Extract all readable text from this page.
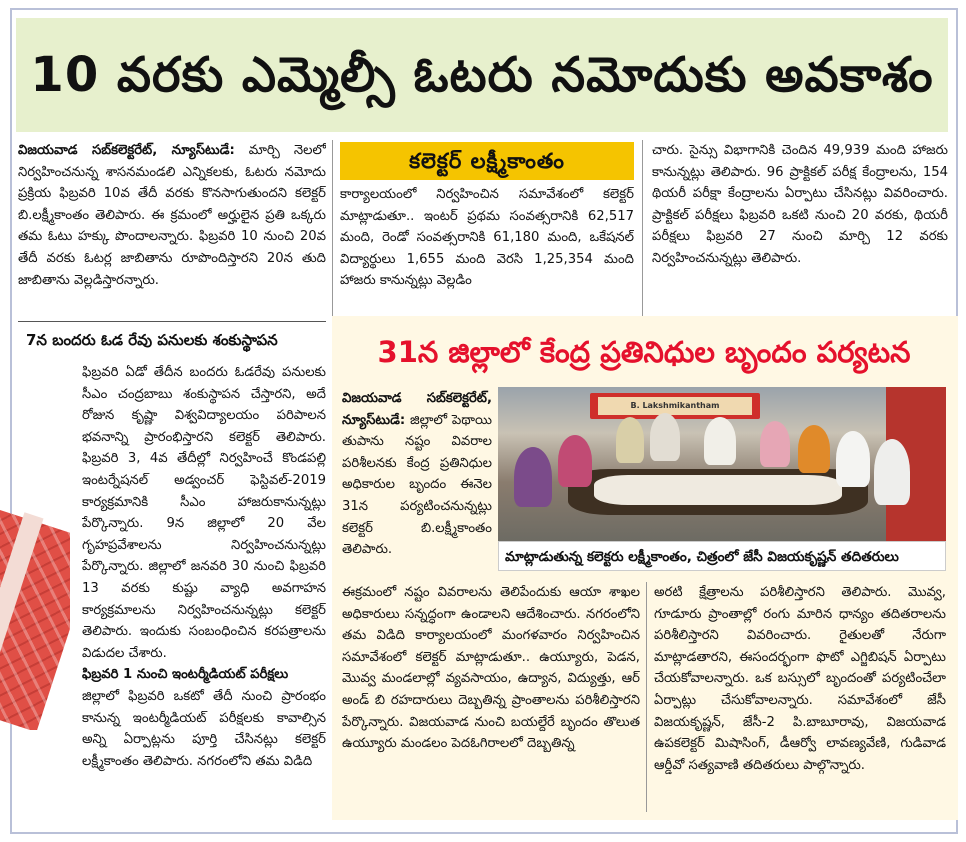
10 వరకు ఎమ్మెల్సీ ఓటరు నమోదుకు అవకాశం

విజయవాడ సబ్‌కలెక్టరేట్, న్యూస్‌టుడే: మార్చి నెలలో నిర్వహించనున్న శాసనమండలి ఎన్నికలకు, ఓటరు నమోదు ప్రక్రియ ఫిబ్రవరి 10వ తేదీ వరకు కొనసాగుతుందని కలెక్టర్ బి.లక్ష్మీకాంతం తెలిపారు. ఈ క్రమంలో అర్హులైన ప్రతి ఒక్కరు తమ ఓటు హక్కు పొందాలన్నారు. ఫిబ్రవరి 10 నుంచి 20వ తేదీ వరకు ఓటర్ల జాబితాను రూపొందిస్తారని 20న తుది జాబితాను వెల్లడిస్తారన్నారు.

7న బందరు ఓడ రేవు పనులకు శంకుస్థాపన

ఫిబ్రవరి ఏడో తేదీన బందరు ఓడరేవు పనులకు సీఎం చంద్రబాబు శంకుస్థాపన చేస్తారని, అదే రోజున కృష్ణా విశ్వవిద్యాలయం పరిపాలన భవనాన్ని ప్రారంభిస్తారని కలెక్టర్ తెలిపారు. ఫిబ్రవరి 3, 4వ తేదీల్లో నిర్వహించే కొండపల్లి ఇంటర్నేషనల్ అడ్వంచర్ ఫెస్టివల్-2019 కార్యక్రమానికి సీఎం హాజరుకానున్నట్లు పేర్కొన్నారు. 9న జిల్లాలో 20 వేల గృహప్రవేశాలను నిర్వహించనున్నట్లు పేర్కొన్నారు. జిల్లాలో జనవరి 30 నుంచి ఫిబ్రవరి 13 వరకు కుష్టు వ్యాధి అవగాహన కార్యక్రమాలను నిర్వహించనున్నట్లు కలెక్టర్ తెలిపారు. ఇందుకు సంబంధించిన కరపత్రాలను విడుదల చేశారు.

ఫిబ్రవరి 1 నుంచి ఇంటర్మీడియట్ పరీక్షలు

జిల్లాలో ఫిబ్రవరి ఒకటో తేదీ నుంచి ప్రారంభం కానున్న ఇంటర్మీడియట్ పరీక్షలకు కావాల్సిన అన్ని ఏర్పాట్లను పూర్తి చేసినట్లు కలెక్టర్ లక్ష్మీకాంతం తెలిపారు. నగరంలోని తమ విడిది

కలెక్టర్ లక్ష్మీకాంతం

కార్యాలయంలో నిర్వహించిన సమావేశంలో కలెక్టర్ మాట్లాడుతూ.. ఇంటర్ ప్రథమ సంవత్సరానికి 62,517 మంది, రెండో సంవత్సరానికి 61,180 మంది, ఒకేషనల్ విద్యార్థులు 1,655 మంది వెరసి 1,25,354 మంది హాజరు కానున్నట్లు వెల్లడిం

చారు. సైన్సు విభాగానికి చెందిన 49,939 మంది హాజరు కానున్నట్లు తెలిపారు. 96 ప్రాక్టికల్ పరీక్ష కేంద్రాలను, 154 థియరీ పరీక్షా కేంద్రాలను ఏర్పాటు చేసినట్లు వివరించారు. ప్రాక్టికల్ పరీక్షలు ఫిబ్రవరి ఒకటి నుంచి 20 వరకు, థియరీ పరీక్షలు ఫిబ్రవరి 27 నుంచి మార్చి 12 వరకు నిర్వహించనున్నట్లు తెలిపారు.

31న జిల్లాలో కేంద్ర ప్రతినిధుల బృందం పర్యటన

విజయవాడ సబ్‌కలెక్టరేట్, న్యూస్‌టుడే: జిల్లాలో పెథాయి తుపాను నష్టం వివరాల పరిశీలనకు కేంద్ర ప్రతినిధుల అధికారుల బృందం ఈనెల 31న పర్యటించనున్నట్లు కలెక్టర్ బి.లక్ష్మీకాంతం తెలిపారు.

B. Lakshmikantham
మాట్లాడుతున్న కలెక్టరు లక్ష్మీకాంతం, చిత్రంలో జేసీ విజయకృష్ణన్ తదితరులు

ఈక్రమంలో నష్టం వివరాలను తెలిపేందుకు ఆయా శాఖల అధికారులు సన్నద్ధంగా ఉండాలని ఆదేశించారు. నగరంలోని తమ విడిది కార్యాలయంలో మంగళవారం నిర్వహించిన సమావేశంలో కలెక్టర్ మాట్లాడుతూ.. ఉయ్యూరు, పెడన, మొవ్వ మండలాల్లో వ్యవసాయం, ఉద్యాన, విద్యుత్తు, ఆర్ అండ్ బి రహదారులు దెబ్బతిన్న ప్రాంతాలను పరిశీలిస్తారని పేర్కొన్నారు. విజయవాడ నుంచి బయల్దేరే బృందం తొలుత ఉయ్యూరు మండలం పెదఓగిరాలలో దెబ్బతిన్న

అరటి క్షేత్రాలను పరిశీలిస్తారని తెలిపారు. మొవ్వ, గూడూరు ప్రాంతాల్లో రంగు మారిన ధాన్యం తదితరాలను పరిశీలిస్తారని వివరించారు. రైతులతో నేరుగా మాట్లాడతారని, ఈసందర్భంగా ఫొటో ఎగ్జిబిషన్ ఏర్పాటు చేయకోవాలన్నారు. ఒక బస్సులో బృందంతో పర్యటించేలా ఏర్పాట్లు చేసుకోవాలన్నారు. సమావేశంలో జేసీ విజయకృష్ణన్, జేసీ-2 పి.బాబూరావు, విజయవాడ ఉపకలెక్టర్ మిషాసింగ్, డీఆర్వో లావణ్యవేణి, గుడివాడ ఆర్డీవో సత్యవాణి తదితరులు పాల్గొన్నారు.
